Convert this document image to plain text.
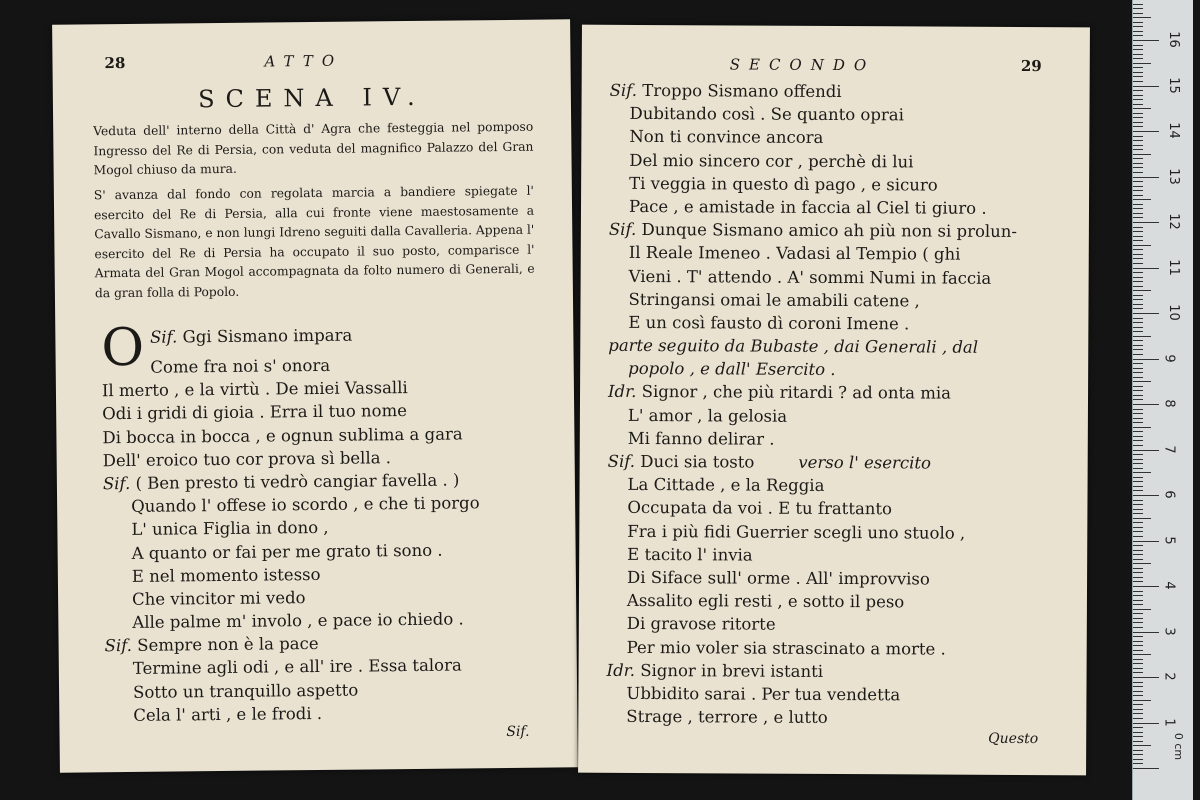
28	ATTO
SCENA IV.

Veduta dell' interno della Città d' Agra che festeggia nel pomposo Ingresso del Re di Persia, con veduta del magnifico Palazzo del Gran Mogol chiuso da mura.

S' avanza dal fondo con regolata marcia a bandiere spiegate l' esercito del Re di Persia, alla cui fronte viene maestosamente a Cavallo Sismano, e non lungi Idreno seguiti dalla Cavalleria. Appena l' esercito del Re di Persia ha occupato il suo posto, comparisce l' Armata del Gran Mogol accompagnata da folto numero di Generali, e da gran folla di Popolo.

Sif.
O Ggi Sismano impara
Come fra noi s' onora
Il merto , e la virtù . De miei Vassalli
Odi i gridi di gioia . Erra il tuo nome
Di bocca in bocca , e ognun sublima a gara
Dell' eroico tuo cor prova sì bella .
Sif. ( Ben presto ti vedrò cangiar favella . )
Quando l' offese io scordo , e che ti porgo
L' unica Figlia in dono ,
A quanto or fai per me grato ti sono .
E nel momento istesso
Che vincitor mi vedo
Alle palme m' involo , e pace io chiedo .
Sif. Sempre non è la pace
Termine agli odi , e all' ire . Essa talora
Sotto un tranquillo aspetto
Cela l' arti , e le frodi .
Sif.
SECONDO	29
Sif. Troppo Sismano offendi
Dubitando così . Se quanto oprai
Non ti convince ancora
Del mio sincero cor , perchè di lui
Ti veggia in questo dì pago , e sicuro
Pace , e amistade in faccia al Ciel ti giuro .
Sif. Dunque Sismano amico ah più non si prolun-
Il Reale Imeneo . Vadasi al Tempio ( ghi
Vieni . T' attendo . A' sommi Numi in faccia
Stringansi omai le amabili catene ,
E un così fausto dì coroni Imene .
parte seguito da Bubaste , dai Generali , dal
popolo , e dall' Esercito .
Idr. Signor , che più ritardi ? ad onta mia
L' amor , la gelosia
Mi fanno delirar .
Sif. Duci sia tosto	verso l' esercito
La Cittade , e la Reggia
Occupata da voi . E tu frattanto
Fra i più fidi Guerrier scegli uno stuolo ,
E tacito l' invia
Di Siface sull' orme . All' improvviso
Assalito egli resti , e sotto il peso
Di gravose ritorte
Per mio voler sia strascinato a morte .
Idr. Signor in brevi istanti
Ubbidito sarai . Per tua vendetta
Strage , terrore , e lutto
Questo	0 cm
1
2
3
4
5
6
7
8
9
10
11
12
13
14
15
16
